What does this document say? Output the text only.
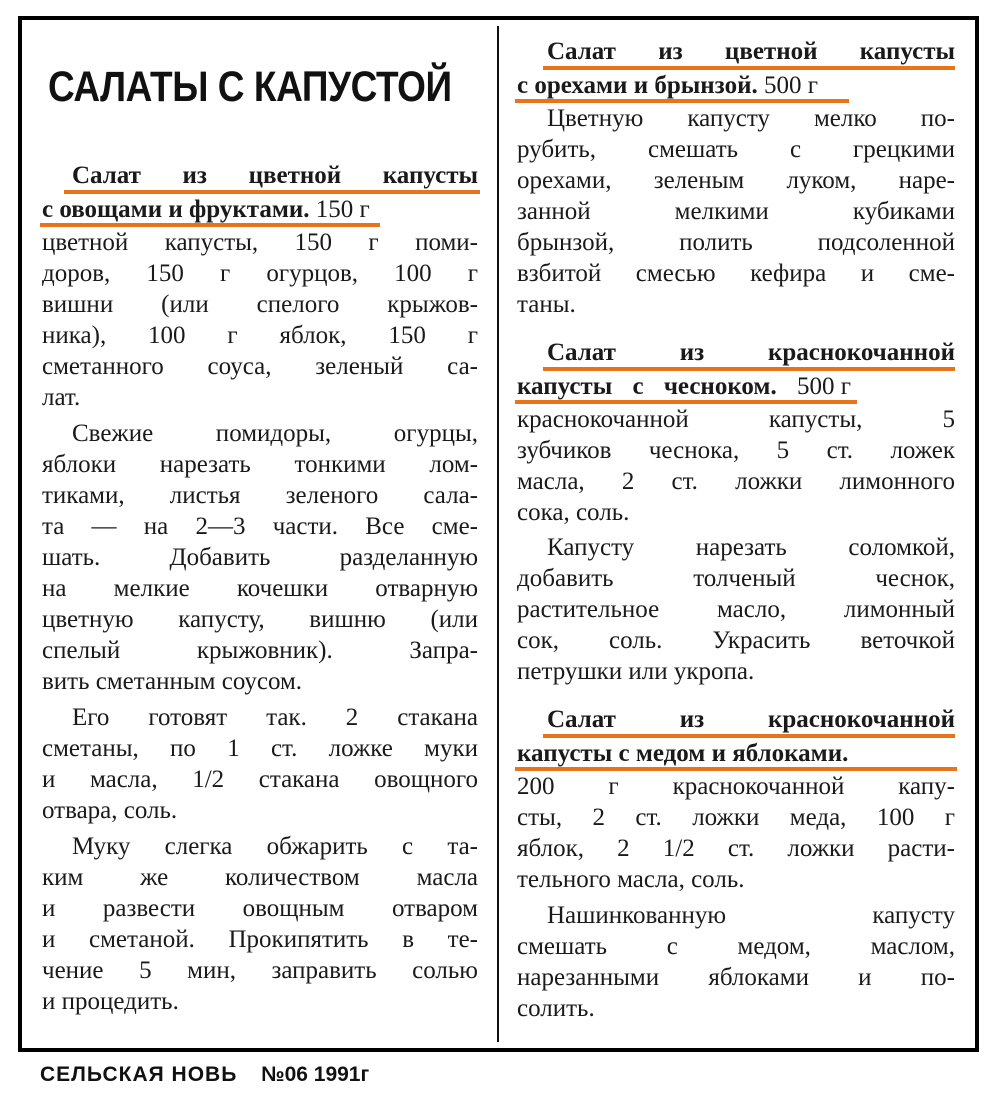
САЛАТЫ С КАПУСТОЙ
Салат из цветной капусты
с овощами и фруктами. 150 г
цветной капусты, 150 г поми-
доров, 150 г огурцов, 100 г
вишни (или спелого крыжов-
ника), 100 г яблок, 150 г
сметанного соуса, зеленый са-
лат.
Свежие помидоры, огурцы,
яблоки нарезать тонкими лом-
тиками, листья зеленого сала-
та — на 2—3 части. Все сме-
шать. Добавить разделанную
на мелкие кочешки отварную
цветную капусту, вишню (или
спелый крыжовник). Запра-
вить сметанным соусом.
Его готовят так. 2 стакана
сметаны, по 1 ст. ложке муки
и масла, 1/2 стакана овощного
отвара, соль.
Муку слегка обжарить с та-
ким же количеством масла
и развести овощным отваром
и сметаной. Прокипятить в те-
чение 5 мин, заправить солью
и процедить.
Салат из цветной капусты
с орехами и брынзой. 500 г
Цветную капусту мелко по-
рубить, смешать с грецкими
орехами, зеленым луком, наре-
занной мелкими кубиками
брынзой, полить подсоленной
взбитой смесью кефира и сме-
таны.
Салат из краснокочанной
капусты с чесноком. 500 г
краснокочанной капусты, 5
зубчиков чеснока, 5 ст. ложек
масла, 2 ст. ложки лимонного
сока, соль.
Капусту нарезать соломкой,
добавить толченый чеснок,
растительное масло, лимонный
сок, соль. Украсить веточкой
петрушки или укропа.
Салат из краснокочанной
капусты с медом и яблоками.
200 г краснокочанной капу-
сты, 2 ст. ложки меда, 100 г
яблок, 2 1/2 ст. ложки расти-
тельного масла, соль.
Нашинкованную капусту
смешать с медом, маслом,
нарезанными яблоками и по-
солить.
СЕЛЬСКАЯ НОВЬ №06 1991г
